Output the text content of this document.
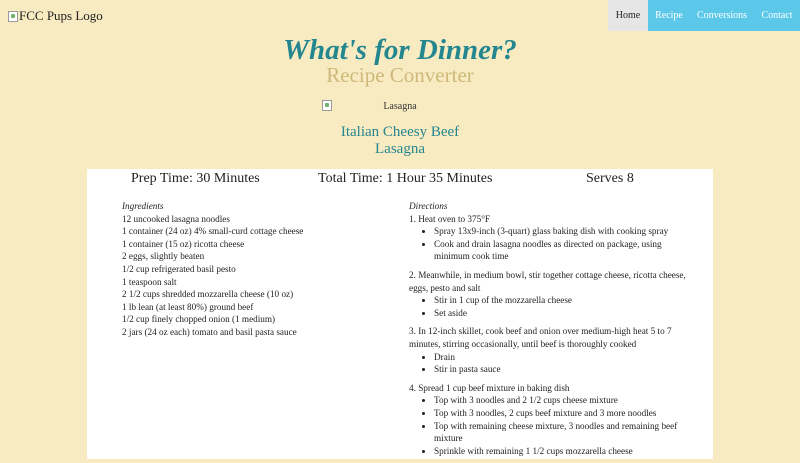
FCC Pups Logo	Home	Recipe	Conversions	Contact
What's for Dinner?
Recipe Converter
Lasagna
Italian Cheesy Beef
Lasagna
Prep Time: 30 Minutes	Total Time: 1 Hour 35 Minutes	Serves 8
Ingredients
12 uncooked lasagna noodles
1 container (24 oz) 4% small-curd cottage cheese
1 container (15 oz) ricotta cheese
2 eggs, slightly beaten
1/2 cup refrigerated basil pesto
1 teaspoon salt
2 1/2 cups shredded mozzarella cheese (10 oz)
1 lb lean (at least 80%) ground beef
1/2 cup finely chopped onion (1 medium)
2 jars (24 oz each) tomato and basil pasta sauce
Directions
1. Heat oven to 375°F
• Spray 13x9-inch (3-quart) glass baking dish with cooking spray
• Cook and drain lasagna noodles as directed on package, using minimum cook time
2. Meanwhile, in medium bowl, stir together cottage cheese, ricotta cheese, eggs, pesto and salt
• Stir in 1 cup of the mozzarella cheese
• Set aside
3. In 12-inch skillet, cook beef and onion over medium-high heat 5 to 7 minutes, stirring occasionally, until beef is thoroughly cooked
• Drain
• Stir in pasta sauce
4. Spread 1 cup beef mixture in baking dish
• Top with 3 noodles and 2 1/2 cups cheese mixture
• Top with 3 noodles, 2 cups beef mixture and 3 more noodles
• Top with remaining cheese mixture, 3 noodles and remaining beef mixture
• Sprinkle with remaining 1 1/2 cups mozzarella cheese
